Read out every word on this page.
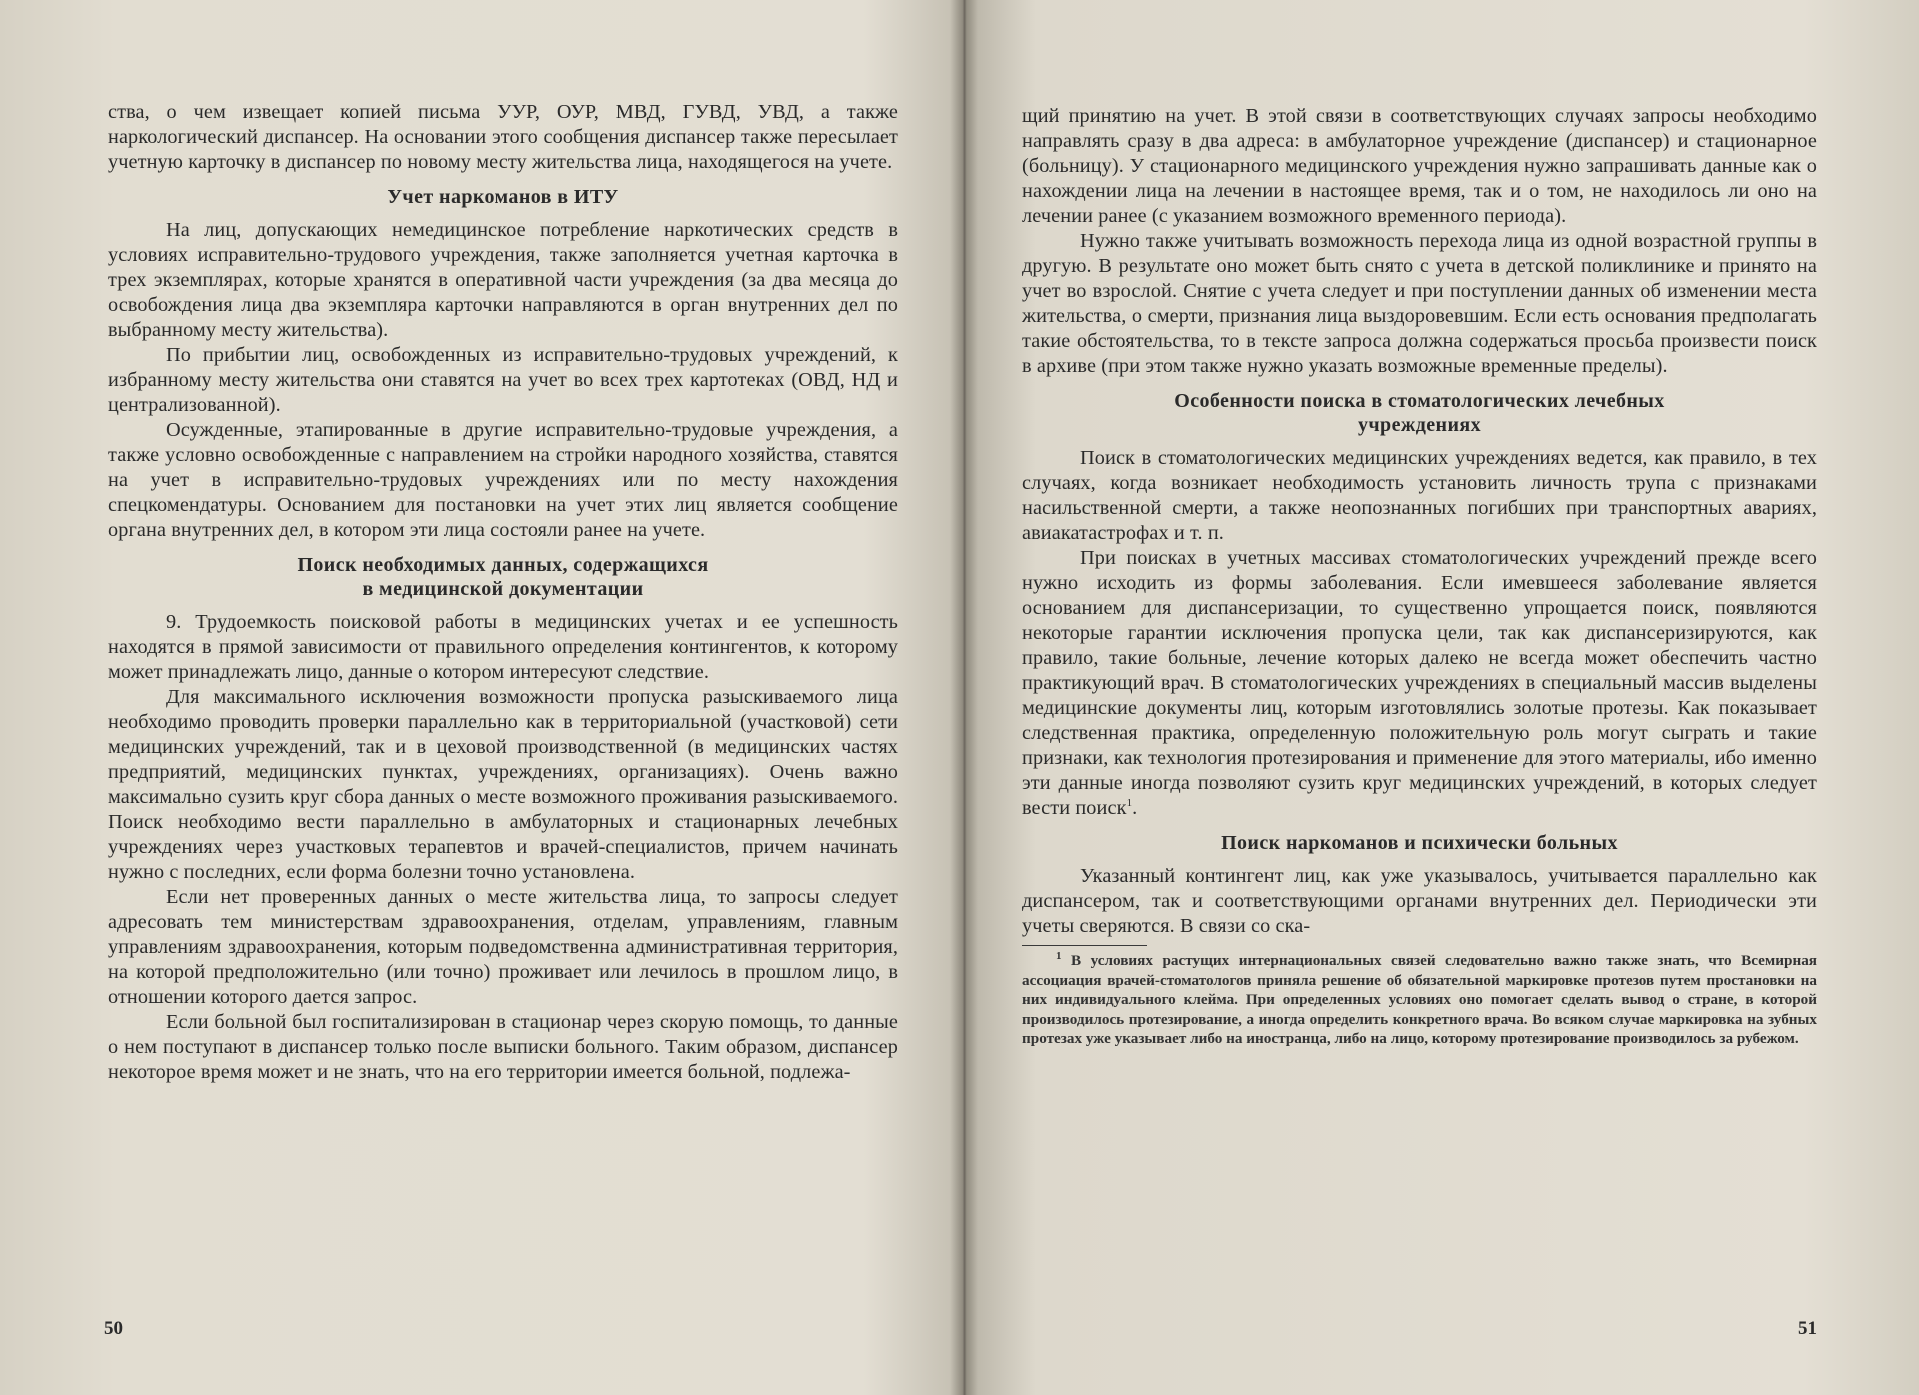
ства, о чем извещает копией письма УУР, ОУР, МВД, ГУВД, УВД, а также наркологический диспансер. На основании этого сообщения диспансер также пересылает учетную карточку в диспансер по новому месту жительства лица, находящегося на учете.

Учет наркоманов в ИТУ

На лиц, допускающих немедицинское потребление наркотических средств в условиях исправительно-трудового учреждения, также заполняется учетная карточка в трех экземплярах, которые хранятся в оперативной части учреждения (за два месяца до освобождения лица два экземпляра карточки направляются в орган внутренних дел по выбранному месту жительства).

По прибытии лиц, освобожденных из исправительно-трудовых учреждений, к избранному месту жительства они ставятся на учет во всех трех картотеках (ОВД, НД и централизованной).

Осужденные, этапированные в другие исправительно-трудовые учреждения, а также условно освобожденные с направлением на стройки народного хозяйства, ставятся на учет в исправительно-трудовых учреждениях или по месту нахождения спецкомендатуры. Основанием для постановки на учет этих лиц является сообщение органа внутренних дел, в котором эти лица состояли ранее на учете.

Поиск необходимых данных, содержащихся
в медицинской документации

9. Трудоемкость поисковой работы в медицинских учетах и ее успешность находятся в прямой зависимости от правильного определения контингентов, к которому может принадлежать лицо, данные о котором интересуют следствие.

Для максимального исключения возможности пропуска разыскиваемого лица необходимо проводить проверки параллельно как в территориальной (участковой) сети медицинских учреждений, так и в цеховой производственной (в медицинских частях предприятий, медицинских пунктах, учреждениях, организациях). Очень важно максимально сузить круг сбора данных о месте возможного проживания разыскиваемого. Поиск необходимо вести параллельно в амбулаторных и стационарных лечебных учреждениях через участковых терапевтов и врачей-специалистов, причем начинать нужно с последних, если форма болезни точно установлена.

Если нет проверенных данных о месте жительства лица, то запросы следует адресовать тем министерствам здравоохранения, отделам, управлениям, главным управлениям здравоохранения, которым подведомственна административная территория, на которой предположительно (или точно) проживает или лечилось в прошлом лицо, в отношении которого дается запрос.

Если больной был госпитализирован в стационар через скорую помощь, то данные о нем поступают в диспансер только после выписки больного. Таким образом, диспансер некоторое время может и не знать, что на его территории имеется больной, подлежа-

щий принятию на учет. В этой связи в соответствующих случаях запросы необходимо направлять сразу в два адреса: в амбулаторное учреждение (диспансер) и стационарное (больницу). У стационарного медицинского учреждения нужно запрашивать данные как о нахождении лица на лечении в настоящее время, так и о том, не находилось ли оно на лечении ранее (с указанием возможного временного периода).

Нужно также учитывать возможность перехода лица из одной возрастной группы в другую. В результате оно может быть снято с учета в детской поликлинике и принято на учет во взрослой. Снятие с учета следует и при поступлении данных об изменении места жительства, о смерти, признания лица выздоровевшим. Если есть основания предполагать такие обстоятельства, то в тексте запроса должна содержаться просьба произвести поиск в архиве (при этом также нужно указать возможные временные пределы).

Особенности поиска в стоматологических лечебных
учреждениях

Поиск в стоматологических медицинских учреждениях ведется, как правило, в тех случаях, когда возникает необходимость установить личность трупа с признаками насильственной смерти, а также неопознанных погибших при транспортных авариях, авиакатастрофах и т. п.

При поисках в учетных массивах стоматологических учреждений прежде всего нужно исходить из формы заболевания. Если имевшееся заболевание является основанием для диспансеризации, то существенно упрощается поиск, появляются некоторые гарантии исключения пропуска цели, так как диспансеризируются, как правило, такие больные, лечение которых далеко не всегда может обеспечить частно практикующий врач. В стоматологических учреждениях в специальный массив выделены медицинские документы лиц, которым изготовлялись золотые протезы. Как показывает следственная практика, определенную положительную роль могут сыграть и такие признаки, как технология протезирования и применение для этого материалы, ибо именно эти данные иногда позволяют сузить круг медицинских учреждений, в которых следует вести поиск$^1$.

Поиск наркоманов и психически больных

Указанный контингент лиц, как уже указывалось, учитывается параллельно как диспансером, так и соответствующими органами внутренних дел. Периодически эти учеты сверяются. В связи со ска-

$^1$ В условиях растущих интернациональных связей следовательно важно также знать, что Всемирная ассоциация врачей-стоматологов приняла решение об обязательной маркировке протезов путем простановки на них индивидуального клейма. При определенных условиях оно помогает сделать вывод о стране, в которой производилось протезирование, а иногда определить конкретного врача. Во всяком случае маркировка на зубных протезах уже указывает либо на иностранца, либо на лицо, которому протезирование производилось за рубежом.

50	51
